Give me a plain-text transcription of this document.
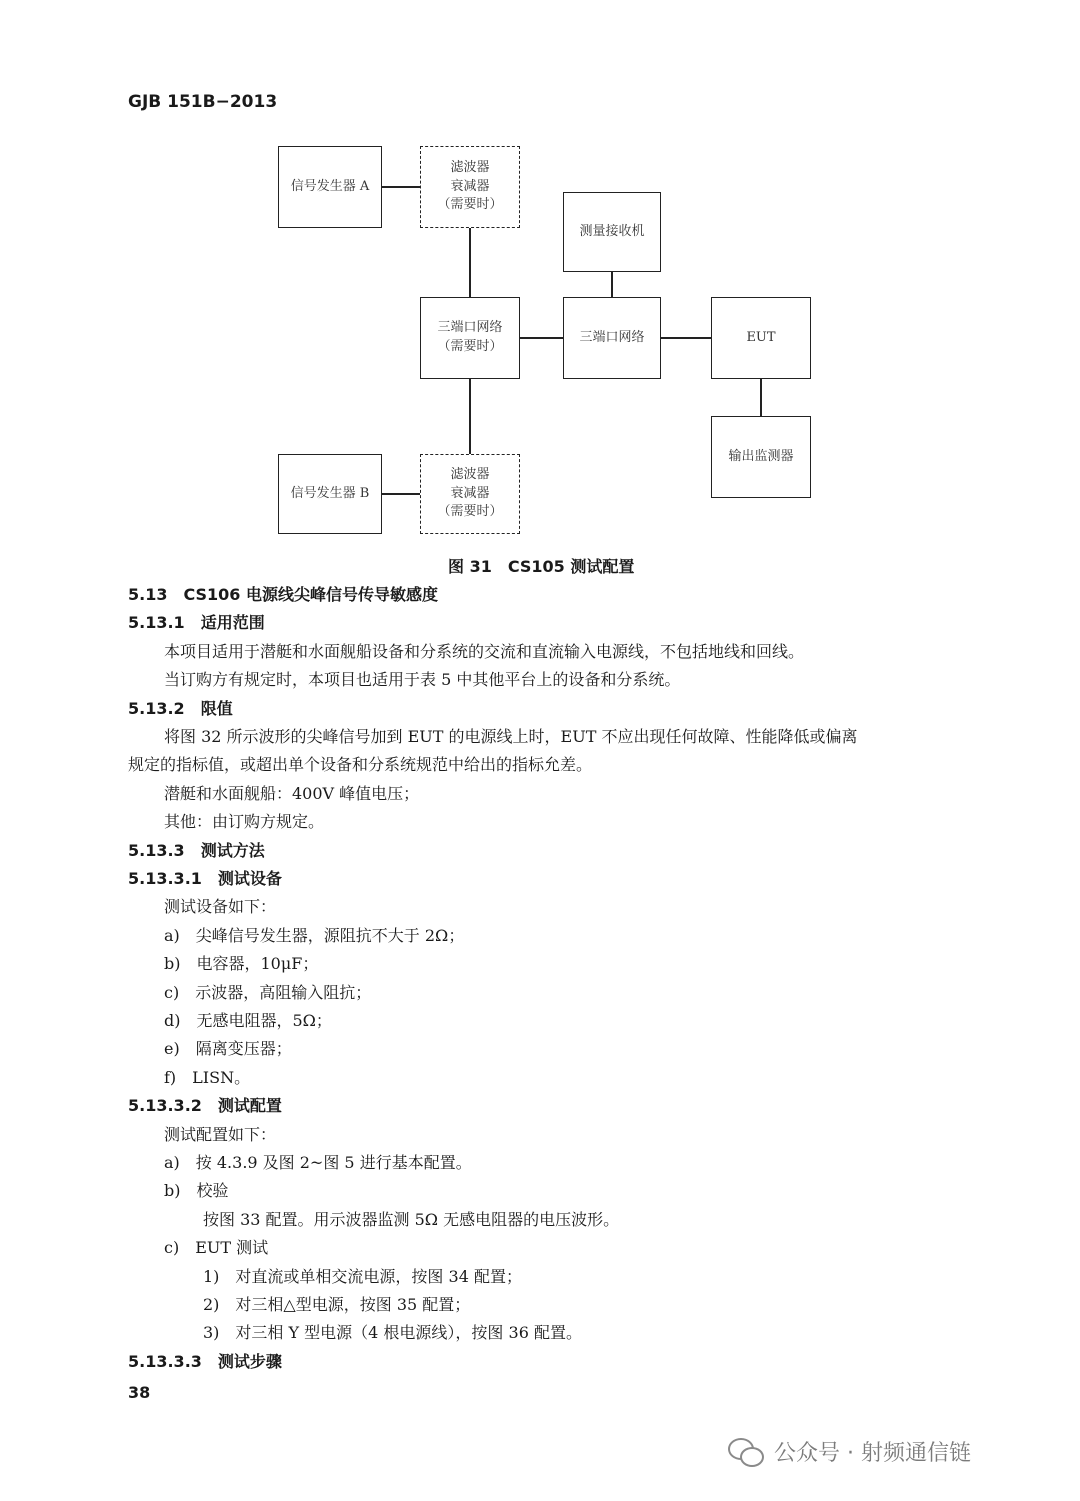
GJB 151B−2013
信号发生器 A
滤波器
衰减器
（需要时）
测量接收机
三端口网络
（需要时）
三端口网络	EUT
输出监测器
信号发生器 B
滤波器
衰减器
（需要时）
图 31　CS105 测试配置
5.13　CS106 电源线尖峰信号传导敏感度
5.13.1　适用范围
本项目适用于潜艇和水面舰船设备和分系统的交流和直流输入电源线，不包括地线和回线。
当订购方有规定时，本项目也适用于表 5 中其他平台上的设备和分系统。
5.13.2　限值
将图 32 所示波形的尖峰信号加到 EUT 的电源线上时，EUT 不应出现任何故障、性能降低或偏离
规定的指标值，或超出单个设备和分系统规范中给出的指标允差。
潜艇和水面舰船：400V 峰值电压；
其他：由订购方规定。
5.13.3　测试方法
5.13.3.1　测试设备
测试设备如下：
a)　尖峰信号发生器，源阻抗不大于 2Ω；
b)　电容器，10μF；
c)　示波器，高阻输入阻抗；
d)　无感电阻器，5Ω；
e)　隔离变压器；
f)　LISN。
5.13.3.2　测试配置
测试配置如下：
a)　按 4.3.9 及图 2~图 5 进行基本配置。
b)　校验
按图 33 配置。用示波器监测 5Ω 无感电阻器的电压波形。
c)　EUT 测试
1)　对直流或单相交流电源，按图 34 配置；
2)　对三相△型电源，按图 35 配置；
3)　对三相 Y 型电源（4 根电源线），按图 36 配置。
5.13.3.3　测试步骤
38
公众号 · 射频通信链
